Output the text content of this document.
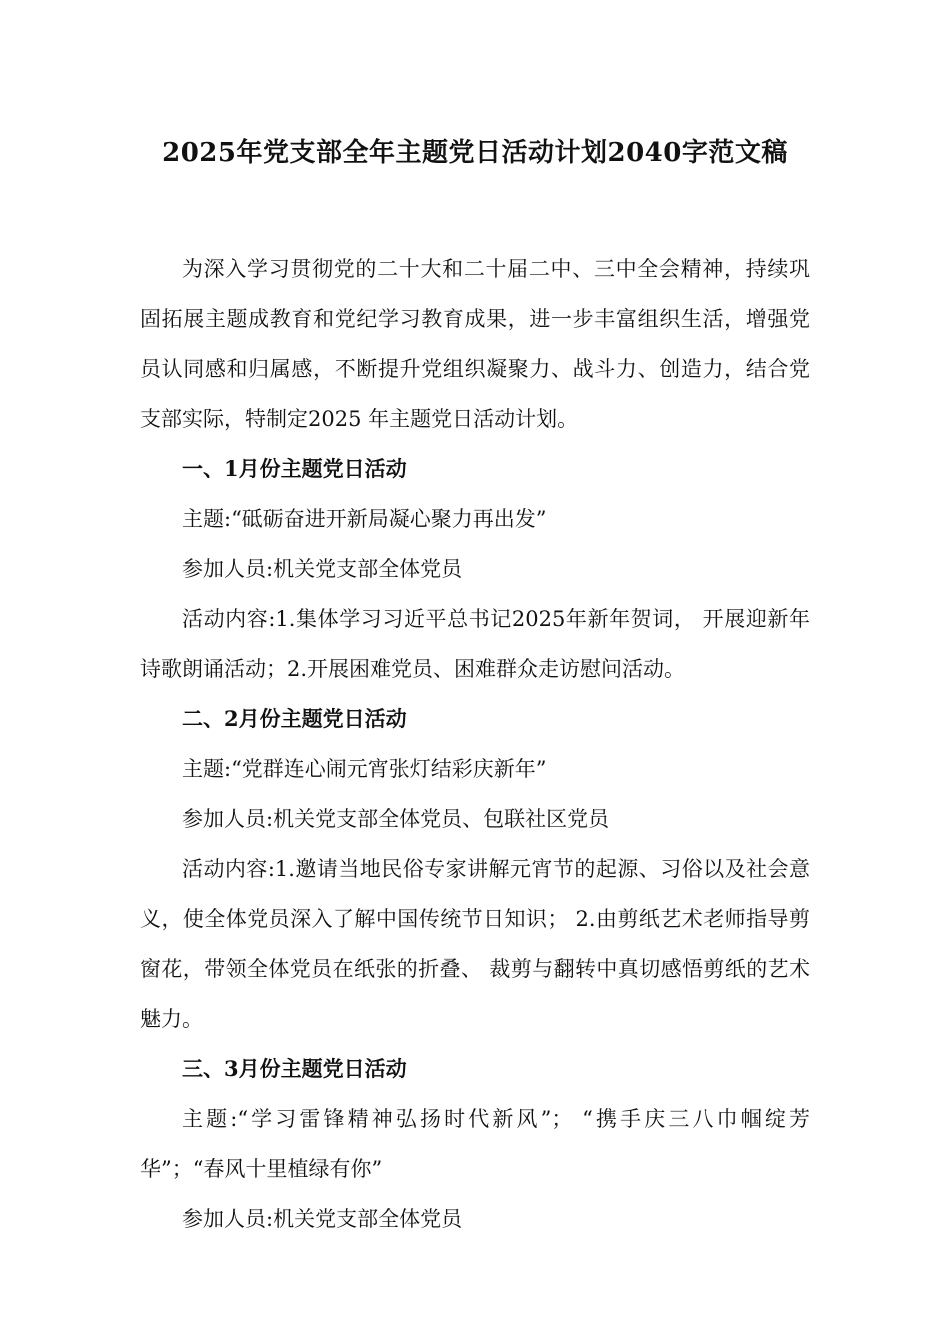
2025年党支部全年主题党日活动计划2040字范文稿

为深入学习贯彻党的二十大和二十届二中、三中全会精神，持续巩固拓展主题成教育和党纪学习教育成果，进一步丰富组织生活，增强党员认同感和归属感，不断提升党组织凝聚力、战斗力、创造力，结合党支部实际，特制定2025 年主题党日活动计划。

一、1月份主题党日活动

主题:“砥砺奋进开新局凝心聚力再出发”

参加人员:机关党支部全体党员

活动内容:1.集体学习习近平总书记2025年新年贺词， 开展迎新年诗歌朗诵活动；2.开展困难党员、困难群众走访慰问活动。

二、2月份主题党日活动

主题:“党群连心闹元宵张灯结彩庆新年”

参加人员:机关党支部全体党员、包联社区党员

活动内容:1.邀请当地民俗专家讲解元宵节的起源、习俗以及社会意义，使全体党员深入了解中国传统节日知识； 2.由剪纸艺术老师指导剪窗花，带领全体党员在纸张的折叠、 裁剪与翻转中真切感悟剪纸的艺术魅力。

三、3月份主题党日活动

主题:“学习雷锋精神弘扬时代新风”； “携手庆三八巾帼绽芳华”；“春风十里植绿有你”

参加人员:机关党支部全体党员
